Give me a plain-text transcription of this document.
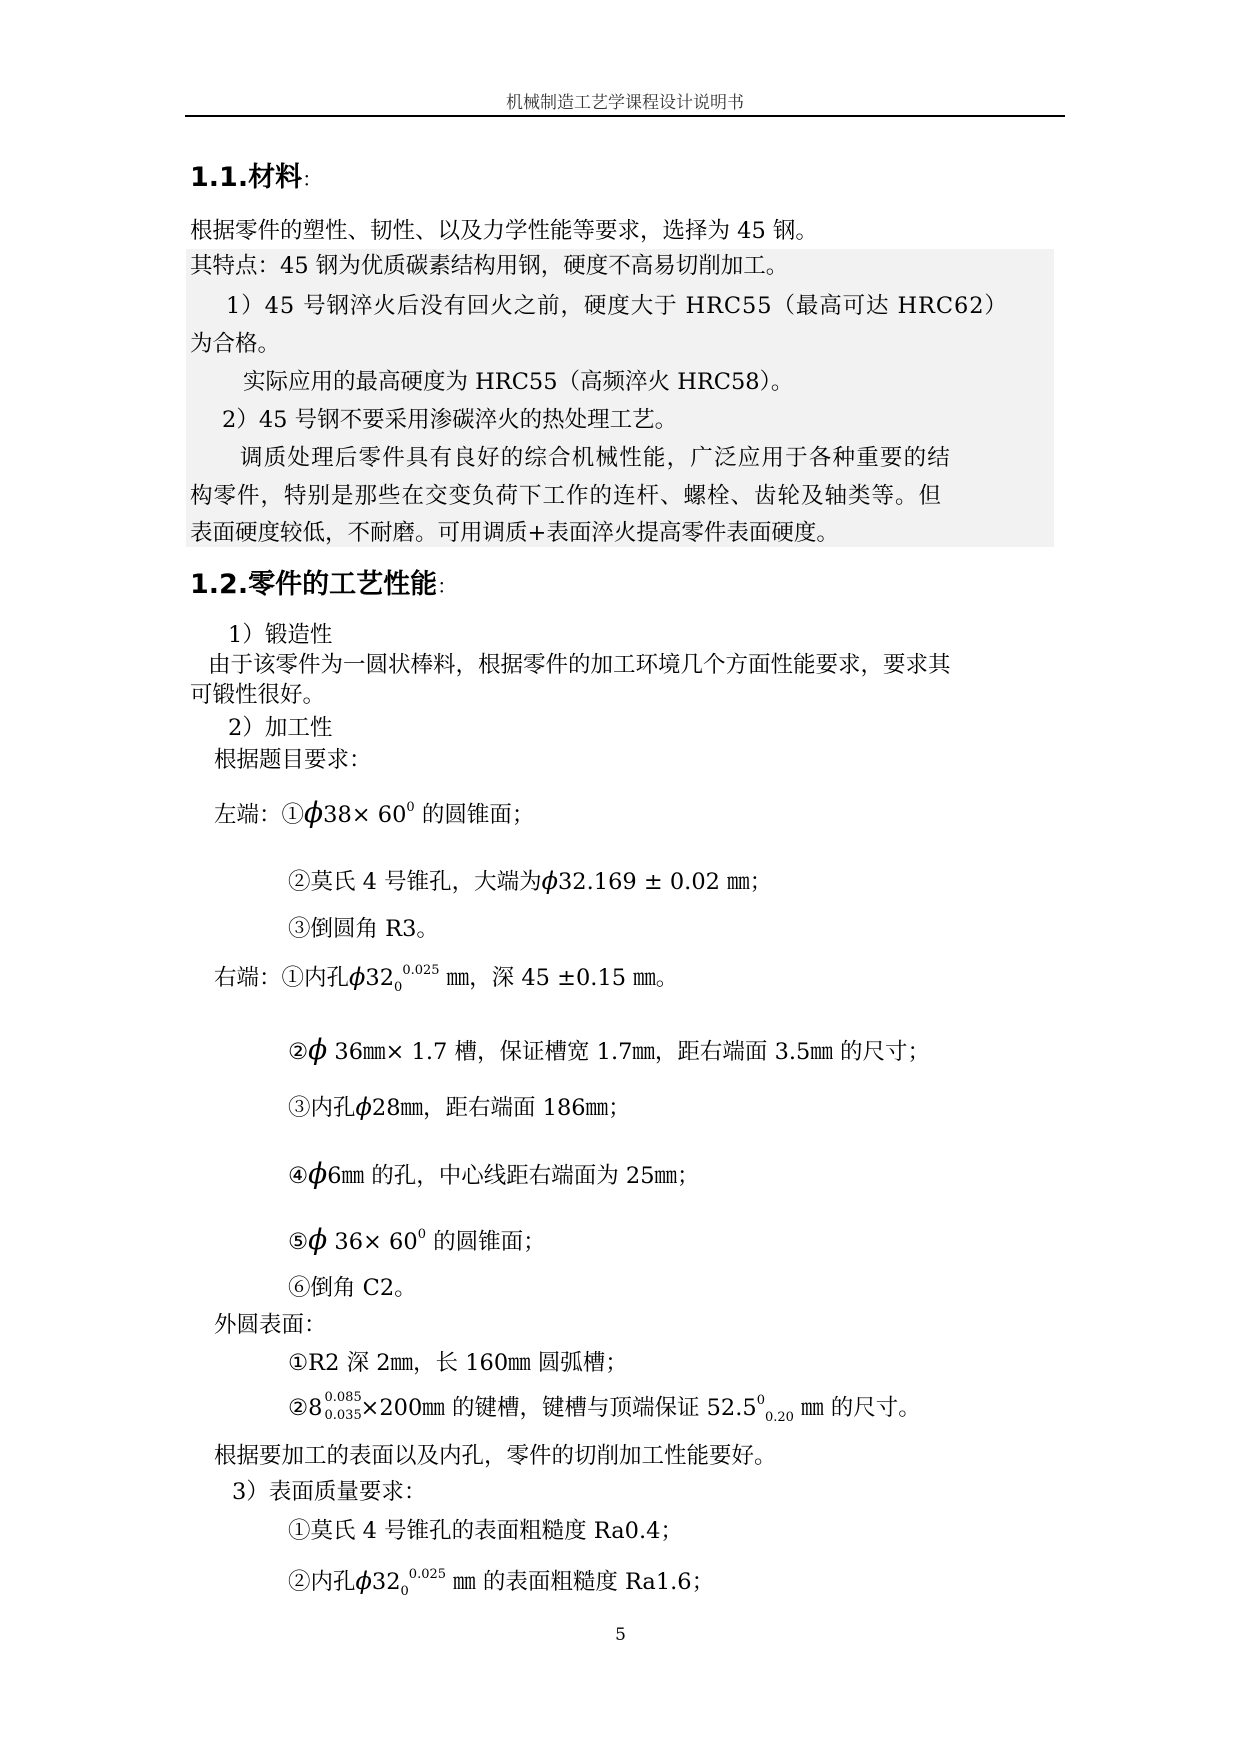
机械制造工艺学课程设计说明书
1.1.材料：
根据零件的塑性、韧性、以及力学性能等要求，选择为 45 钢。
其特点：45 钢为优质碳素结构用钢，硬度不高易切削加工。
1）45 号钢淬火后没有回火之前，硬度大于 HRC55（最高可达 HRC62）
为合格。
实际应用的最高硬度为 HRC55（高频淬火 HRC58）。
2）45 号钢不要采用渗碳淬火的热处理工艺。
调质处理后零件具有良好的综合机械性能，广泛应用于各种重要的结
构零件，特别是那些在交变负荷下工作的连杆、螺栓、齿轮及轴类等。但
表面硬度较低，不耐磨。可用调质+表面淬火提高零件表面硬度。
1.2.零件的工艺性能：
1）锻造性
由于该零件为一圆状棒料，根据零件的加工环境几个方面性能要求，要求其
可锻性很好。
2）加工性
根据题目要求：
左端：①ϕ38× $60^0$ 的圆锥面；
②莫氏 4 号锥孔，大端为ϕ32.169 ± 0.02 ㎜；
③倒圆角 R3。
右端：①内孔$\phi 32_0^{0.025}$ ㎜，深 45 ±0.15 ㎜。
②ϕ 36㎜× 1.7 槽，保证槽宽 1.7㎜，距右端面 3.5㎜ 的尺寸；
③内孔ϕ28㎜，距右端面 186㎜；
④ϕ6㎜ 的孔，中心线距右端面为 25㎜；
⑤ϕ $36\times 60^0$ 的圆锥面；
⑥倒角 C2。
外圆表面：
①R2 深 2㎜，长 160㎜ 圆弧槽；
②8 0.085
0.035
×200㎜ 的键槽，键槽与顶端保证 $52.5^0_{0.20}$ ㎜ 的尺寸。
根据要加工的表面以及内孔，零件的切削加工性能要好。
3）表面质量要求：
①莫氏 4 号锥孔的表面粗糙度 Ra0.4；
②内孔$\phi 32_0^{0.025}$ ㎜ 的表面粗糙度 Ra1.6；
5
